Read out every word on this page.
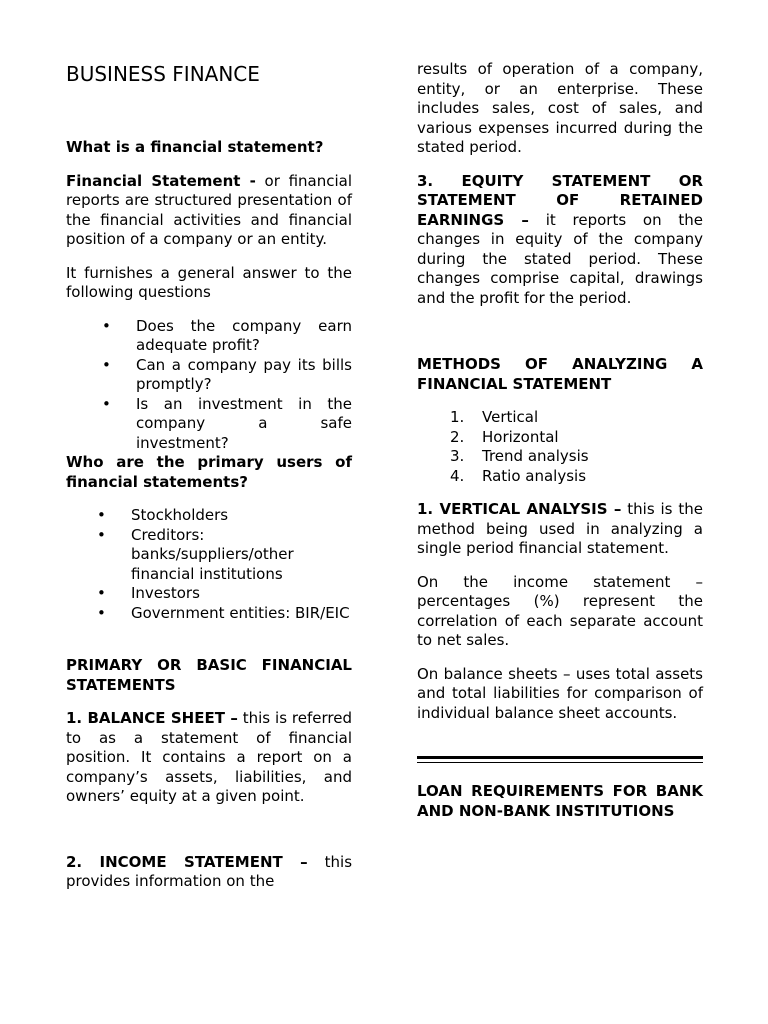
BUSINESS FINANCE

What is a financial statement?

Financial Statement - or financial reports are structured presentation of the financial activities and financial position of a company or an entity.

It furnishes a general answer to the following questions

• Does the company earn adequate profit?
• Can a company pay its bills promptly?
• Is an investment in the company a safe investment?

Who are the primary users of financial statements?

• Stockholders
• Creditors: banks/suppliers/other financial institutions
• Investors
• Government entities: BIR/EIC

PRIMARY OR BASIC FINANCIAL STATEMENTS

1. BALANCE SHEET – this is referred to as a statement of financial position. It contains a report on a company’s assets, liabilities, and owners’ equity at a given point.

2. INCOME STATEMENT – this provides information on the

results of operation of a company, entity, or an enterprise. These includes sales, cost of sales, and various expenses incurred during the stated period.

3. EQUITY STATEMENT OR STATEMENT OF RETAINED EARNINGS – it reports on the changes in equity of the company during the stated period. These changes comprise capital, drawings and the profit for the period.

METHODS OF ANALYZING A FINANCIAL STATEMENT

1. Vertical
2. Horizontal
3. Trend analysis
4. Ratio analysis

1. VERTICAL ANALYSIS – this is the method being used in analyzing a single period financial statement.

On the income statement – percentages (%) represent the correlation of each separate account to net sales.

On balance sheets – uses total assets and total liabilities for comparison of individual balance sheet accounts.

LOAN REQUIREMENTS FOR BANK AND NON-BANK INSTITUTIONS
